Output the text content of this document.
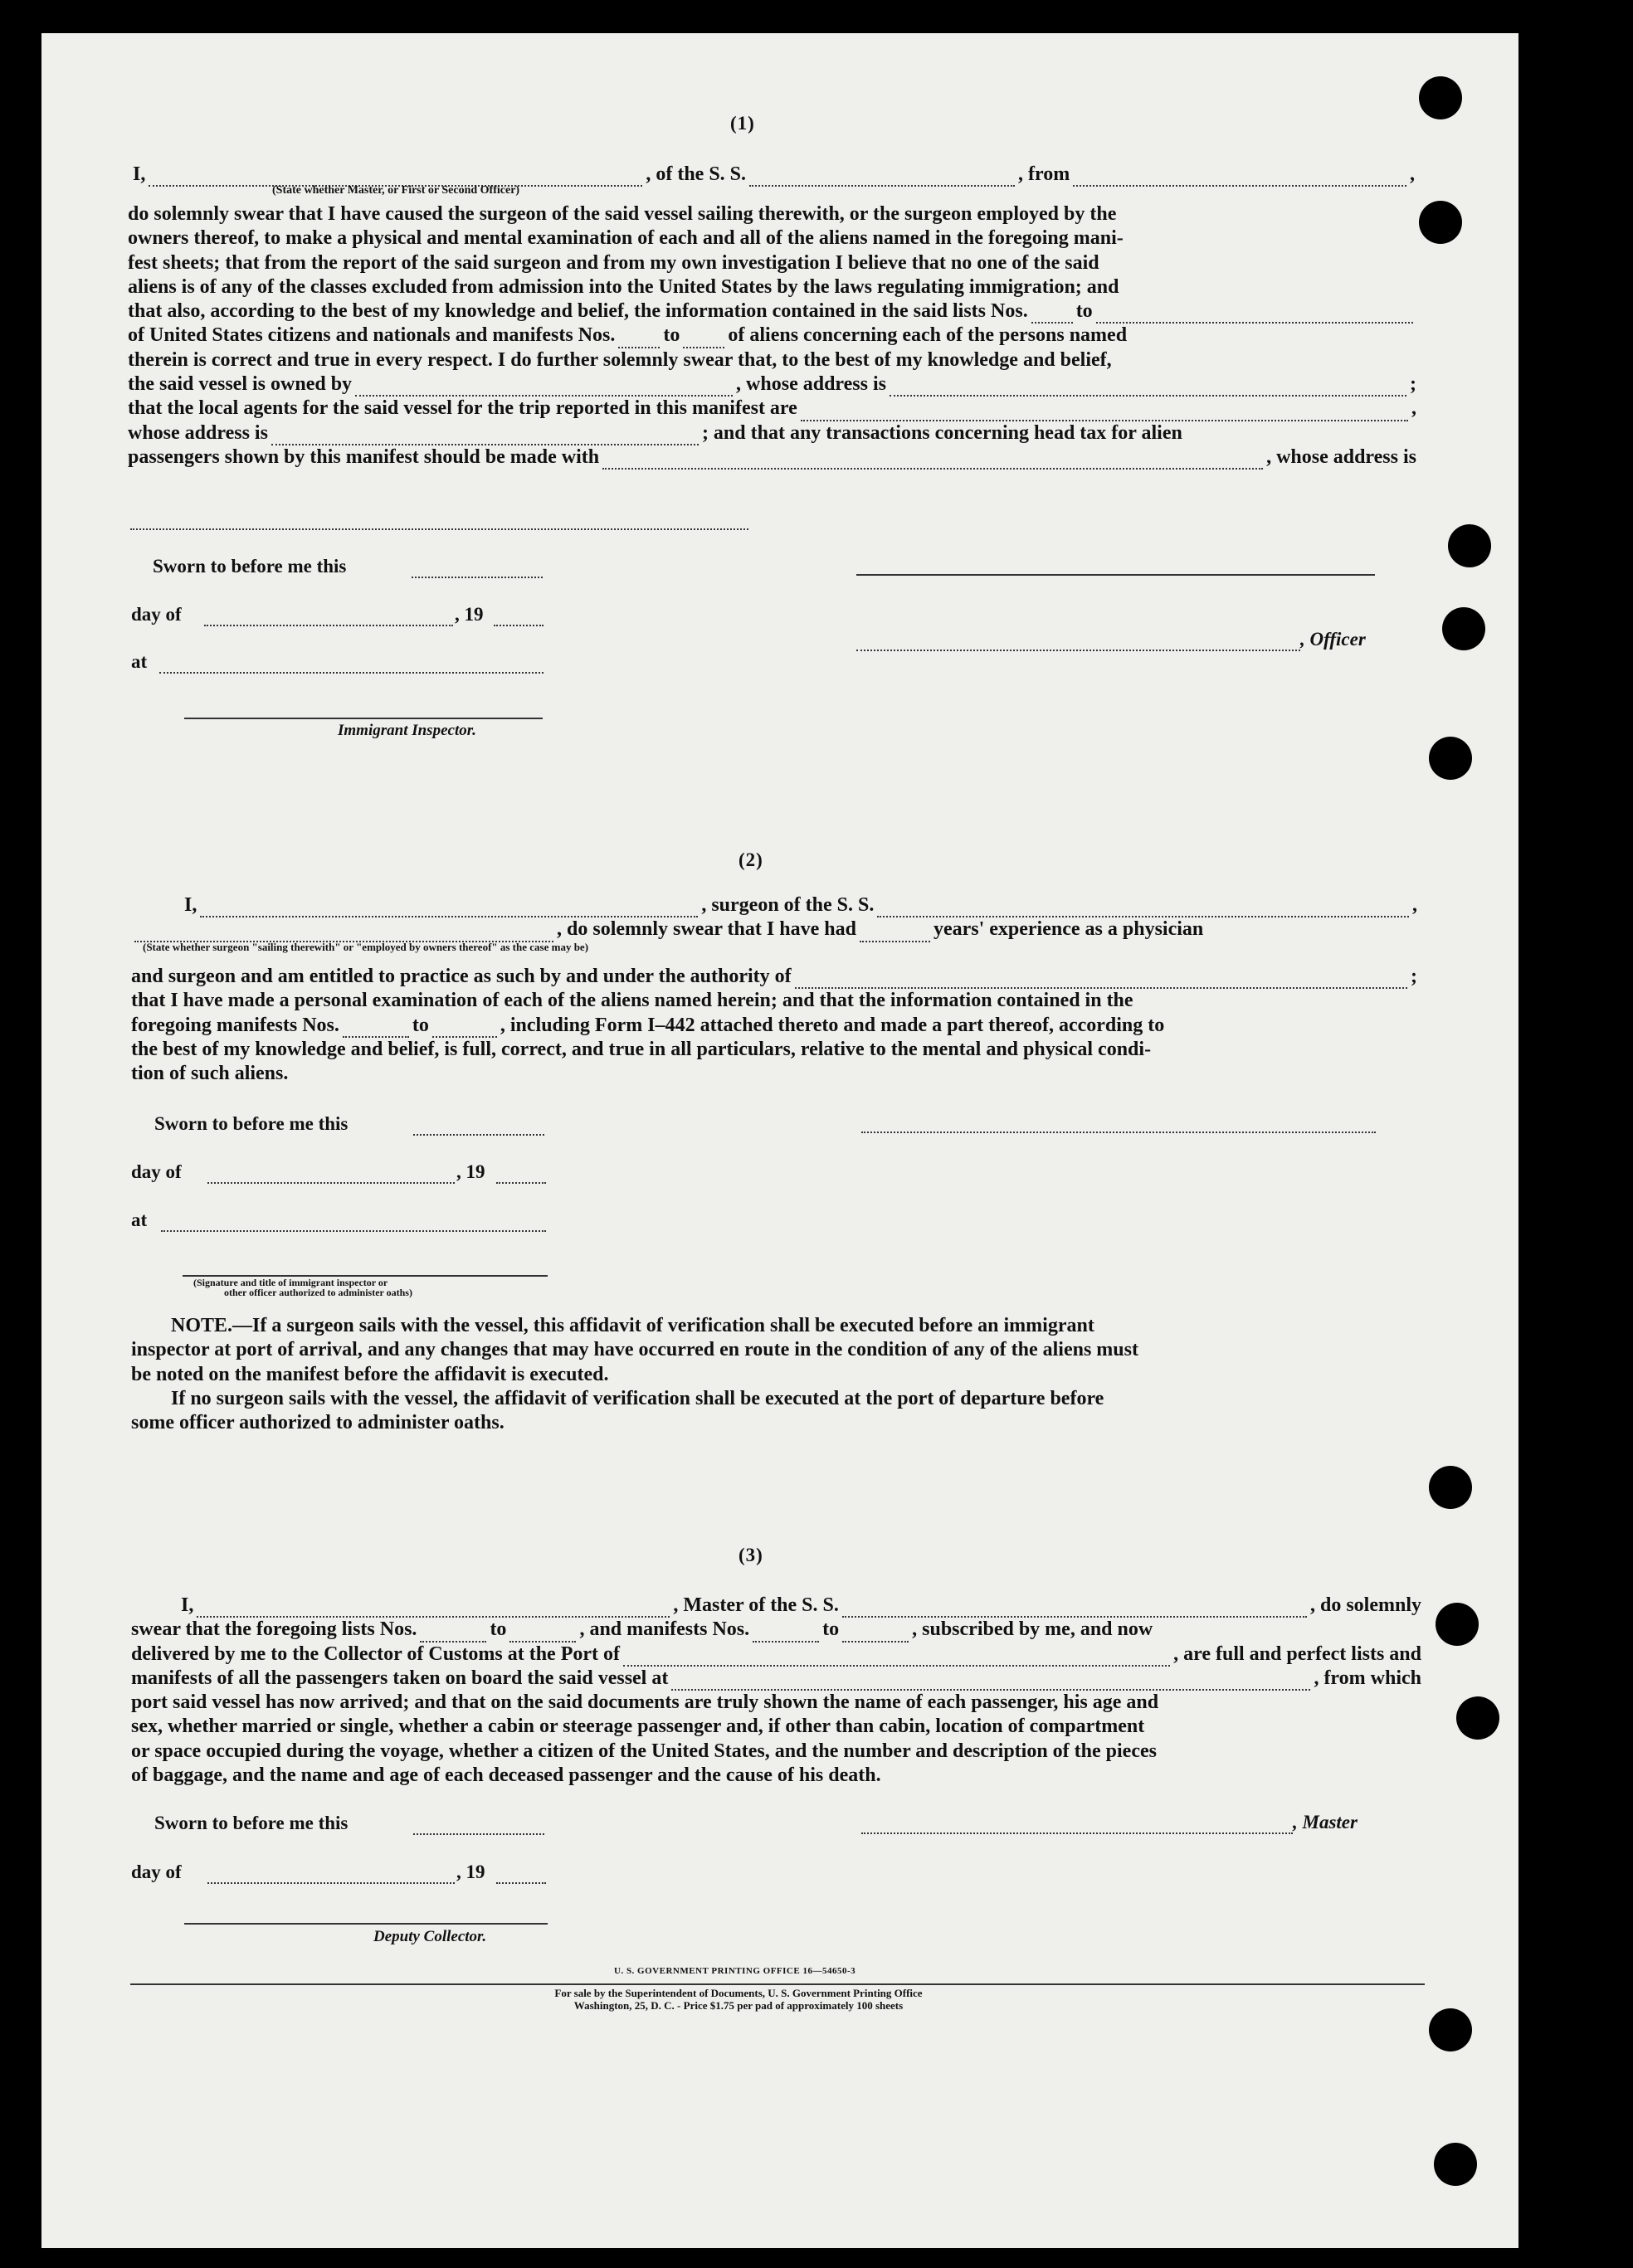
(1)
I,	, of the S. S.	, from	,
(State whether Master, or First or Second Officer)
do solemnly swear that I have caused the surgeon of the said vessel sailing therewith, or the surgeon employed by the
owners thereof, to make a physical and mental examination of each and all of the aliens named in the foregoing mani-
fest sheets; that from the report of the said surgeon and from my own investigation I believe that no one of the said
aliens is of any of the classes excluded from admission into the United States by the laws regulating immigration; and
that also, according to the best of my knowledge and belief, the information contained in the said lists Nos. to
of United States citizens and nationals and manifests Nos. to of aliens concerning each of the persons named
therein is correct and true in every respect. I do further solemnly swear that, to the best of my knowledge and belief,
the said vessel is owned by	, whose address is	;
that the local agents for the said vessel for the trip reported in this manifest are	,
whose address is	; and that any transactions concerning head tax for alien
passengers shown by this manifest should be made with	, whose address is
Sworn to before me this
day of	, 19
at
, Officer
Immigrant Inspector.
(2)
I,	, surgeon of the S. S.	,
, do solemnly swear that I have had	years' experience as a physician
(State whether surgeon "sailing therewith" or "employed by owners thereof" as the case may be)
and surgeon and am entitled to practice as such by and under the authority of	;
that I have made a personal examination of each of the aliens named herein; and that the information contained in the
foregoing manifests Nos.	to	, including Form I–442 attached thereto and made a part thereof, according to
the best of my knowledge and belief, is full, correct, and true in all particulars, relative to the mental and physical condi-
tion of such aliens.
Sworn to before me this
day of	, 19
at
(Signature and title of immigrant inspector or
other officer authorized to administer oaths)
NOTE.—If a surgeon sails with the vessel, this affidavit of verification shall be executed before an immigrant
inspector at port of arrival, and any changes that may have occurred en route in the condition of any of the aliens must
be noted on the manifest before the affidavit is executed.
If no surgeon sails with the vessel, the affidavit of verification shall be executed at the port of departure before
some officer authorized to administer oaths.
(3)
I,	, Master of the S. S.	, do solemnly
swear that the foregoing lists Nos.	to	, and manifests Nos.	to	, subscribed by me, and now
delivered by me to the Collector of Customs at the Port of	, are full and perfect lists and
manifests of all the passengers taken on board the said vessel at	, from which
port said vessel has now arrived; and that on the said documents are truly shown the name of each passenger, his age and
sex, whether married or single, whether a cabin or steerage passenger and, if other than cabin, location of compartment
or space occupied during the voyage, whether a citizen of the United States, and the number and description of the pieces
of baggage, and the name and age of each deceased passenger and the cause of his death.
Sworn to before me this	, Master
day of	, 19
Deputy Collector.
U. S. GOVERNMENT PRINTING OFFICE 16—54650-3
For sale by the Superintendent of Documents, U. S. Government Printing Office
Washington, 25, D. C. - Price $1.75 per pad of approximately 100 sheets
